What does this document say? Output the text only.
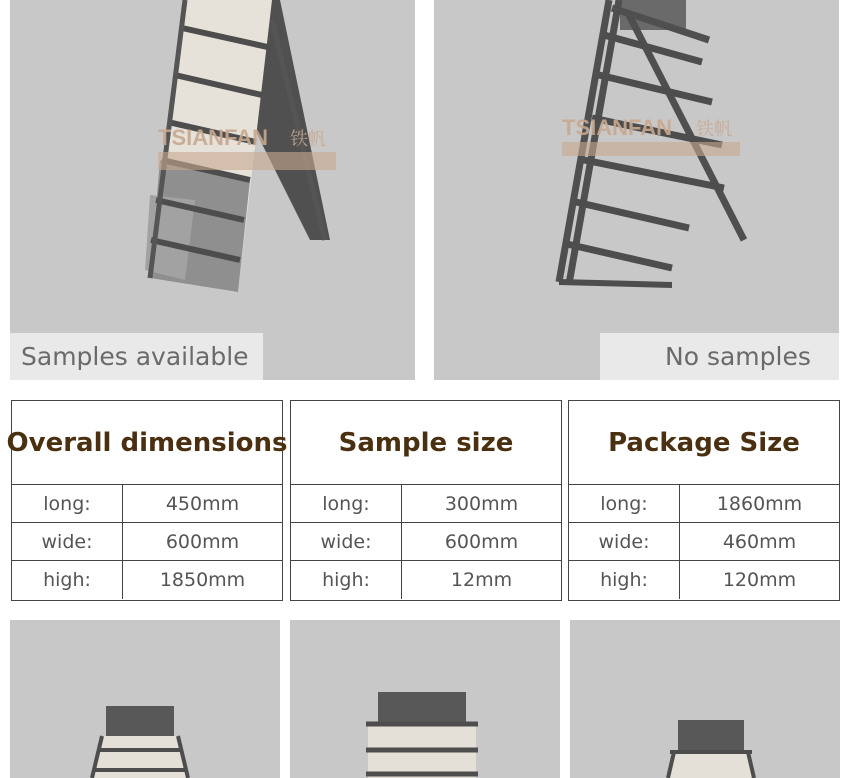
TSIANFAN 铁帆
Samples available
TSIANFAN 铁帆
No samples
Overall dimensions
long:	450mm
wide:	600mm
high:	1850mm
Sample size
long:	300mm
wide:	600mm
high:	12mm
Package Size
long:	1860mm
wide:	460mm
high:	120mm
